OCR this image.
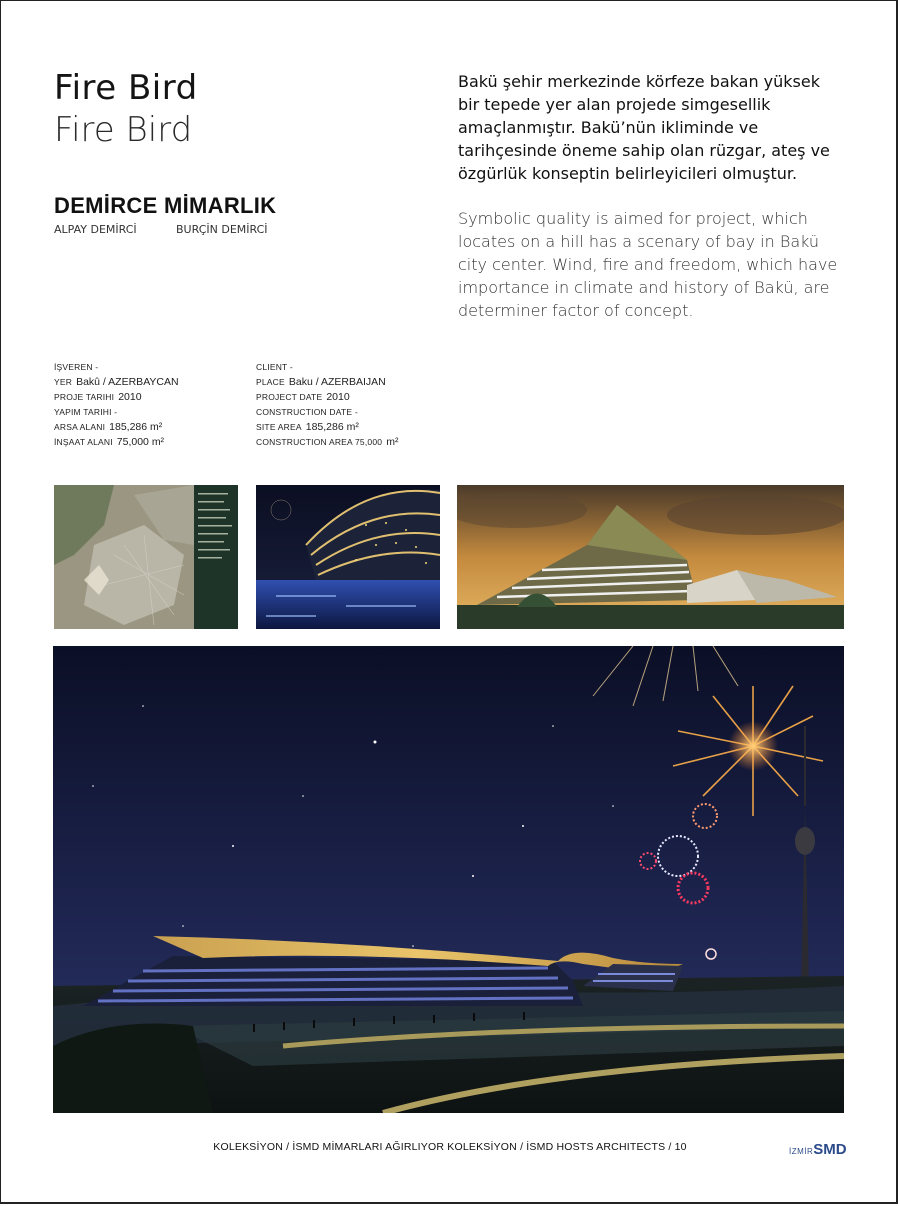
Fire Bird
Fire Bird
DEMİRCE MİMARLIK
ALPAY DEMİRCİ	BURÇİN DEMİRCİ
Bakü şehir merkezinde körfeze bakan yüksek bir tepede yer alan projede simgesellik amaçlanmıştır. Bakü’nün ikliminde ve tarihçesinde öneme sahip olan rüzgar, ateş ve özgürlük konseptin belirleyicileri olmuştur.
Symbolic quality is aimed for project, which locates on a hill has a scenary of bay in Bakü city center. Wind, fire and freedom, which have importance in climate and history of Bakü, are determiner factor of concept.
İŞVEREN -
YER Bakû / AZERBAYCAN
PROJE TARIHI 2010
YAPIM TARIHI -
ARSA ALANI 185,286 m²
İNŞAAT ALANI 75,000 m²
CLIENT -
PLACE Baku / AZERBAIJAN
PROJECT DATE 2010
CONSTRUCTION DATE -
SITE AREA 185,286 m²
CONSTRUCTION AREA 75,000 m²
KOLEKSİYON / İSMD MİMARLARI AĞIRLIYOR KOLEKSİYON / İSMD HOSTS ARCHITECTS / 10	İZMİRSMD
